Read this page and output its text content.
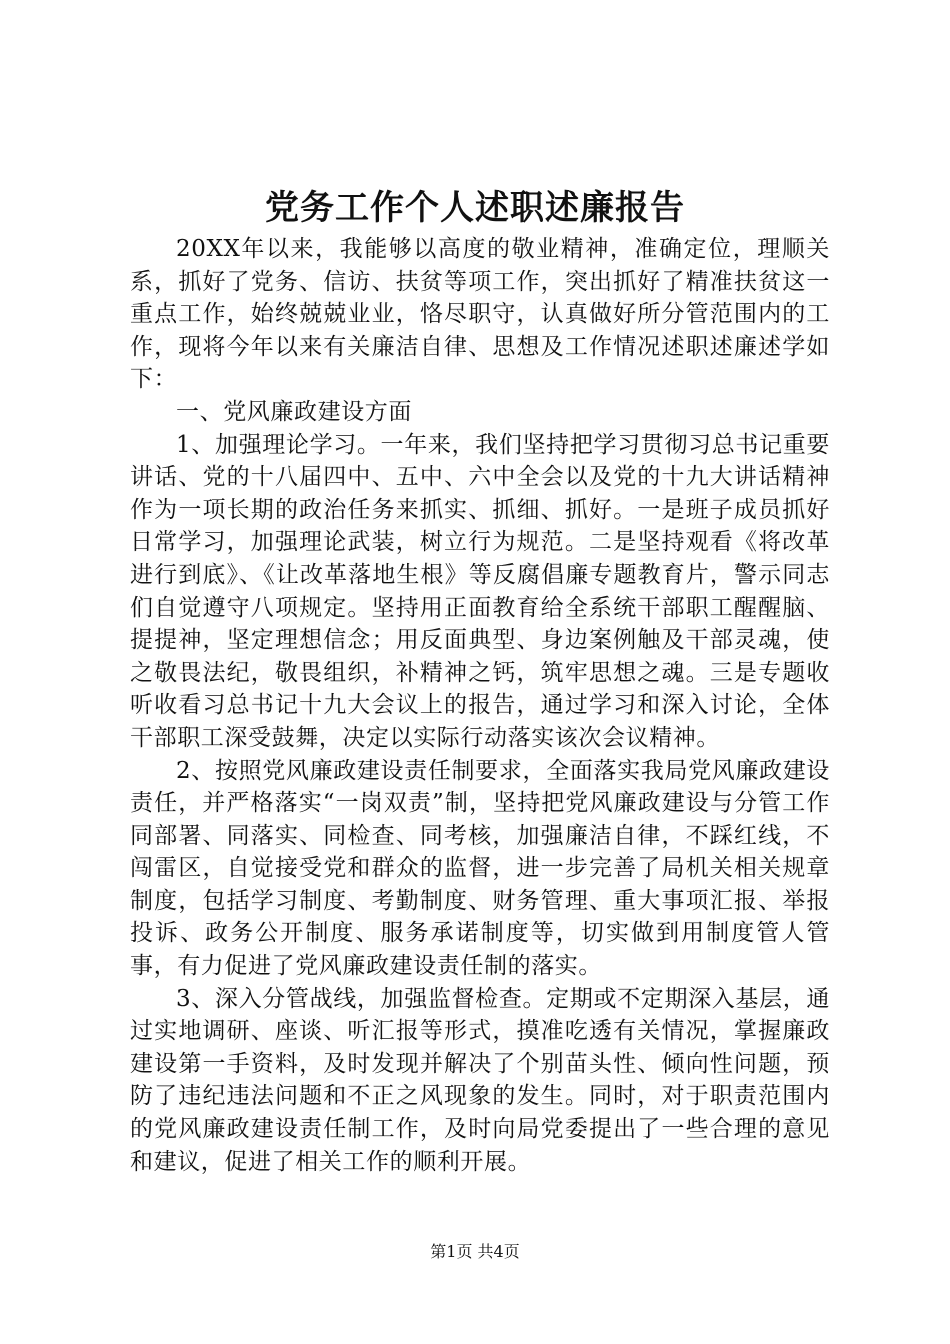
党务工作个人述职述廉报告

20XX年以来，我能够以高度的敬业精神，准确定位，理顺关系，抓好了党务、信访、扶贫等项工作，突出抓好了精准扶贫这一重点工作，始终兢兢业业，恪尽职守，认真做好所分管范围内的工作，现将今年以来有关廉洁自律、思想及工作情况述职述廉述学如下：

一、党风廉政建设方面

1、加强理论学习。一年来，我们坚持把学习贯彻习总书记重要讲话、党的十八届四中、五中、六中全会以及党的十九大讲话精神作为一项长期的政治任务来抓实、抓细、抓好。一是班子成员抓好日常学习，加强理论武装，树立行为规范。二是坚持观看《将改革进行到底》、《让改革落地生根》等反腐倡廉专题教育片，警示同志们自觉遵守八项规定。坚持用正面教育给全系统干部职工醒醒脑、提提神，坚定理想信念；用反面典型、身边案例触及干部灵魂，使之敬畏法纪，敬畏组织，补精神之钙，筑牢思想之魂。三是专题收听收看习总书记十九大会议上的报告，通过学习和深入讨论，全体干部职工深受鼓舞，决定以实际行动落实该次会议精神。

2、按照党风廉政建设责任制要求，全面落实我局党风廉政建设责任，并严格落实“一岗双责”制，坚持把党风廉政建设与分管工作同部署、同落实、同检查、同考核，加强廉洁自律，不踩红线，不闯雷区，自觉接受党和群众的监督，进一步完善了局机关相关规章制度，包括学习制度、考勤制度、财务管理、重大事项汇报、举报投诉、政务公开制度、服务承诺制度等，切实做到用制度管人管事，有力促进了党风廉政建设责任制的落实。

3、深入分管战线，加强监督检查。定期或不定期深入基层，通过实地调研、座谈、听汇报等形式，摸准吃透有关情况，掌握廉政建设第一手资料，及时发现并解决了个别苗头性、倾向性问题，预防了违纪违法问题和不正之风现象的发生。同时，对于职责范围内的党风廉政建设责任制工作，及时向局党委提出了一些合理的意见和建议，促进了相关工作的顺利开展。

第1页 共4页
